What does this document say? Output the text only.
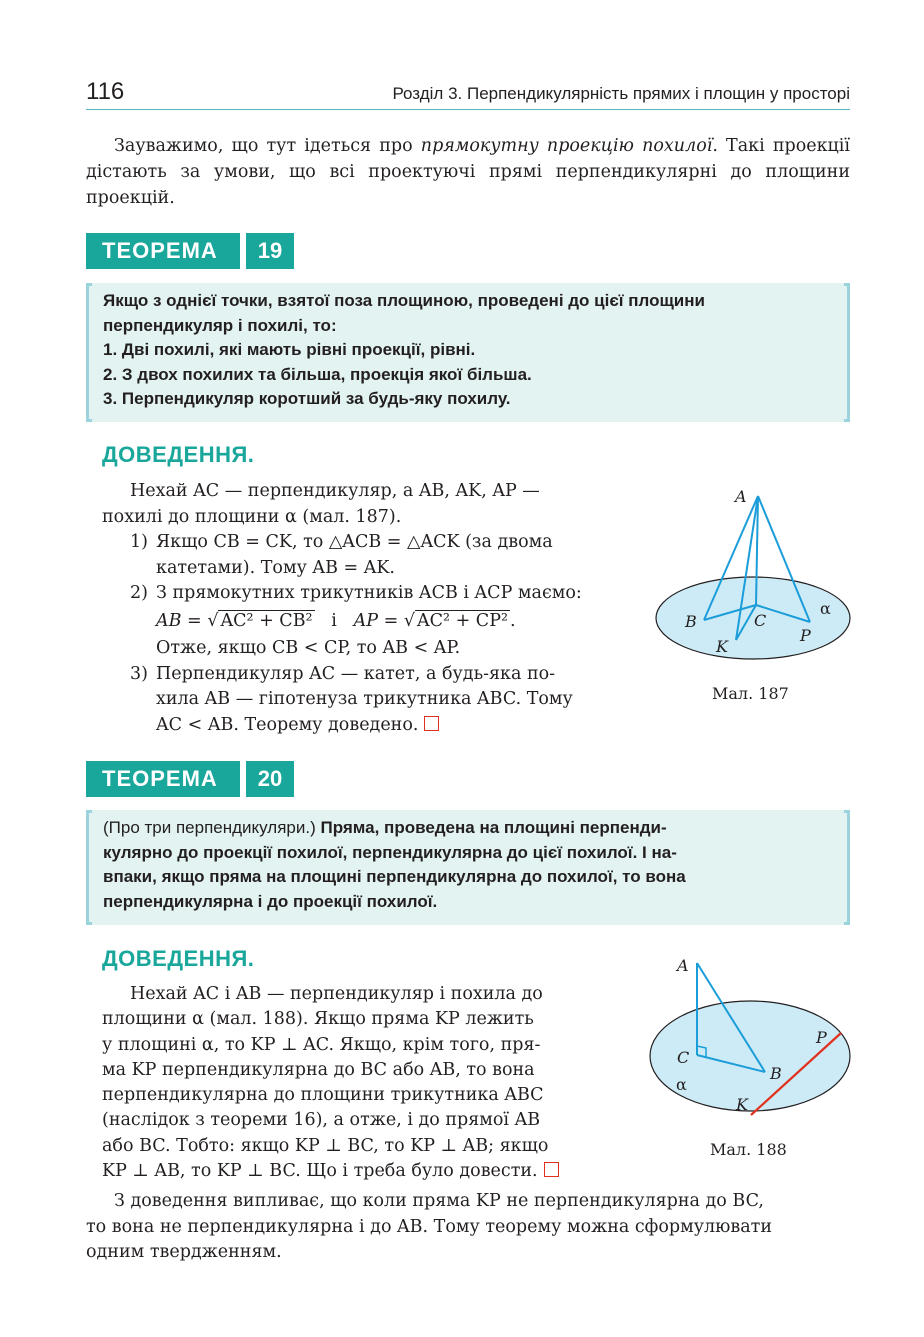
116	Розділ 3. Перпендикулярність прямих і площин у просторі
Зауважимо, що тут ідеться про прямокутну проекцію похилої. Такі проекції дістають за умови, що всі проектуючі прямі перпендикулярні до площини проекцій.
ТЕОРЕМА	19
Якщо з однієї точки, взятої поза площиною, проведені до цієї площини перпендикуляр і похилі, то:
1. Дві похилі, які мають рівні проекції, рівні.
2. З двох похилих та більша, проекція якої більша.
3. Перпендикуляр коротший за будь-яку похилу.
ДОВЕДЕННЯ.
Нехай AC — перпендикуляр, а AB, AK, AP —
похилі до площини α (мал. 187).
1) Якщо CB = CK, то △ACB = △ACK (за двома
катетами). Тому AB = AK.
2) З прямокутних трикутників ACB і ACP маємо:
AB = √ AC² + CB² і AP = √ AC² + CP² .
Отже, якщо CB < CP, то AB < AP.
3) Перпендикуляр AC — катет, а будь-яка по-
хила AB — гіпотенуза трикутника ABC. Тому
AC < AB. Теорему доведено.
A
B	C
K
P
α
Мал. 187
ТЕОРЕМА	20
(Про три перпендикуляри.) Пряма, проведена на площині перпенди-
кулярно до проекції похилої, перпендикулярна до цієї похилої. І на-
впаки, якщо пряма на площині перпендикулярна до похилої, то вона
перпендикулярна і до проекції похилої.
ДОВЕДЕННЯ.
Нехай AC і AB — перпендикуляр і похила до
площини α (мал. 188). Якщо пряма KP лежить
у площині α, то KP ⊥ AC. Якщо, крім того, пря-
ма KP перпендикулярна до BC або AB, то вона
перпендикулярна до площини трикутника ABC
(наслідок з теореми 16), а отже, і до прямої AB
або BC. Тобто: якщо KP ⊥ BC, то KP ⊥ AB; якщо
KP ⊥ AB, то KP ⊥ BC. Що і треба було довести.
A
C
B
P
K
α
Мал. 188
З доведення випливає, що коли пряма KP не перпендикулярна до BC,
то вона не перпендикулярна і до AB. Тому теорему можна сформулювати
одним твердженням.
